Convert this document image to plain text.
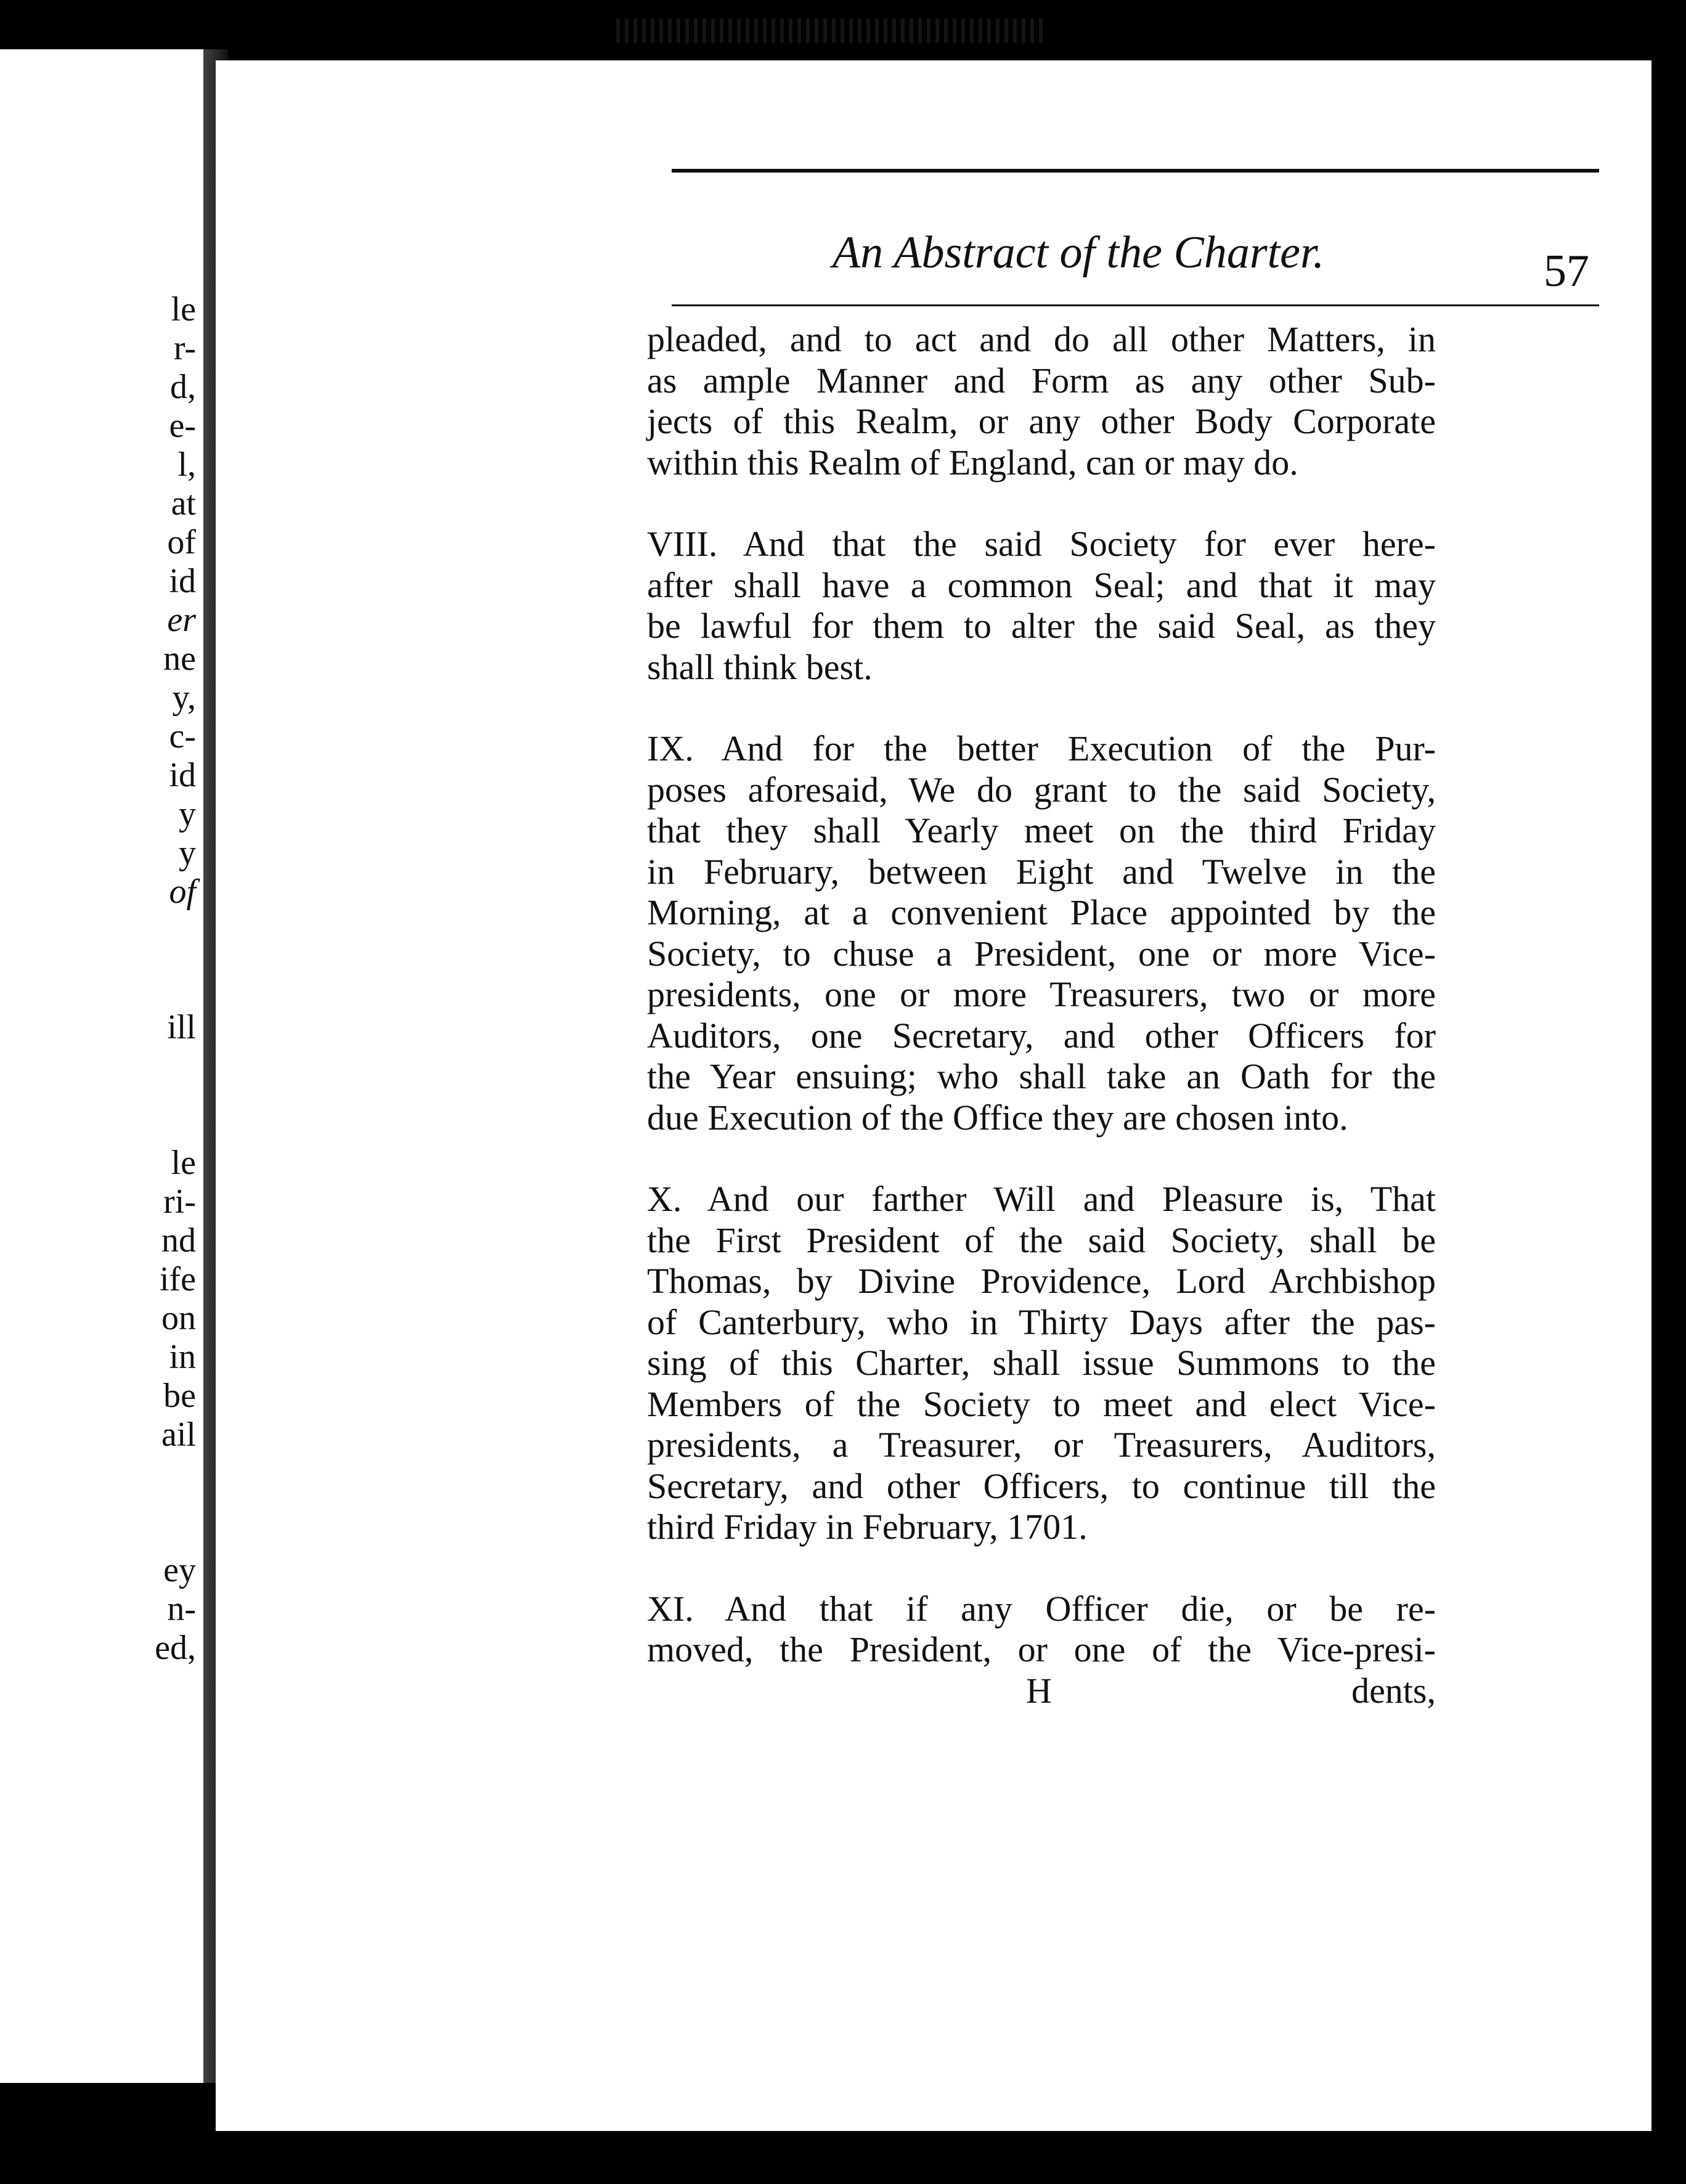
le
r-
d,
e-
l,
at
of
id
er
ne
y,
c-
id
y
y
of
ill
le
ri-
nd
ife
on
in
be
ail
ey
n-
ed,
An Abstract of the Charter.	57
pleaded, and to act and do all other Matters, in
as ample Manner and Form as any other Sub-
jects of this Realm, or any other Body Corporate
within this Realm of England, can or may do.
VIII. And that the said Society for ever here-
after shall have a common Seal; and that it may
be lawful for them to alter the said Seal, as they
shall think best.
IX. And for the better Execution of the Pur-
poses aforesaid, We do grant to the said Society,
that they shall Yearly meet on the third Friday
in February, between Eight and Twelve in the
Morning, at a convenient Place appointed by the
Society, to chuse a President, one or more Vice-
presidents, one or more Treasurers, two or more
Auditors, one Secretary, and other Officers for
the Year ensuing; who shall take an Oath for the
due Execution of the Office they are chosen into.
X. And our farther Will and Pleasure is, That
the First President of the said Society, shall be
Thomas, by Divine Providence, Lord Archbishop
of Canterbury, who in Thirty Days after the pas-
sing of this Charter, shall issue Summons to the
Members of the Society to meet and elect Vice-
presidents, a Treasurer, or Treasurers, Auditors,
Secretary, and other Officers, to continue till the
third Friday in February, 1701.
XI. And that if any Officer die, or be re-
moved, the President, or one of the Vice-presi-
H	dents,
